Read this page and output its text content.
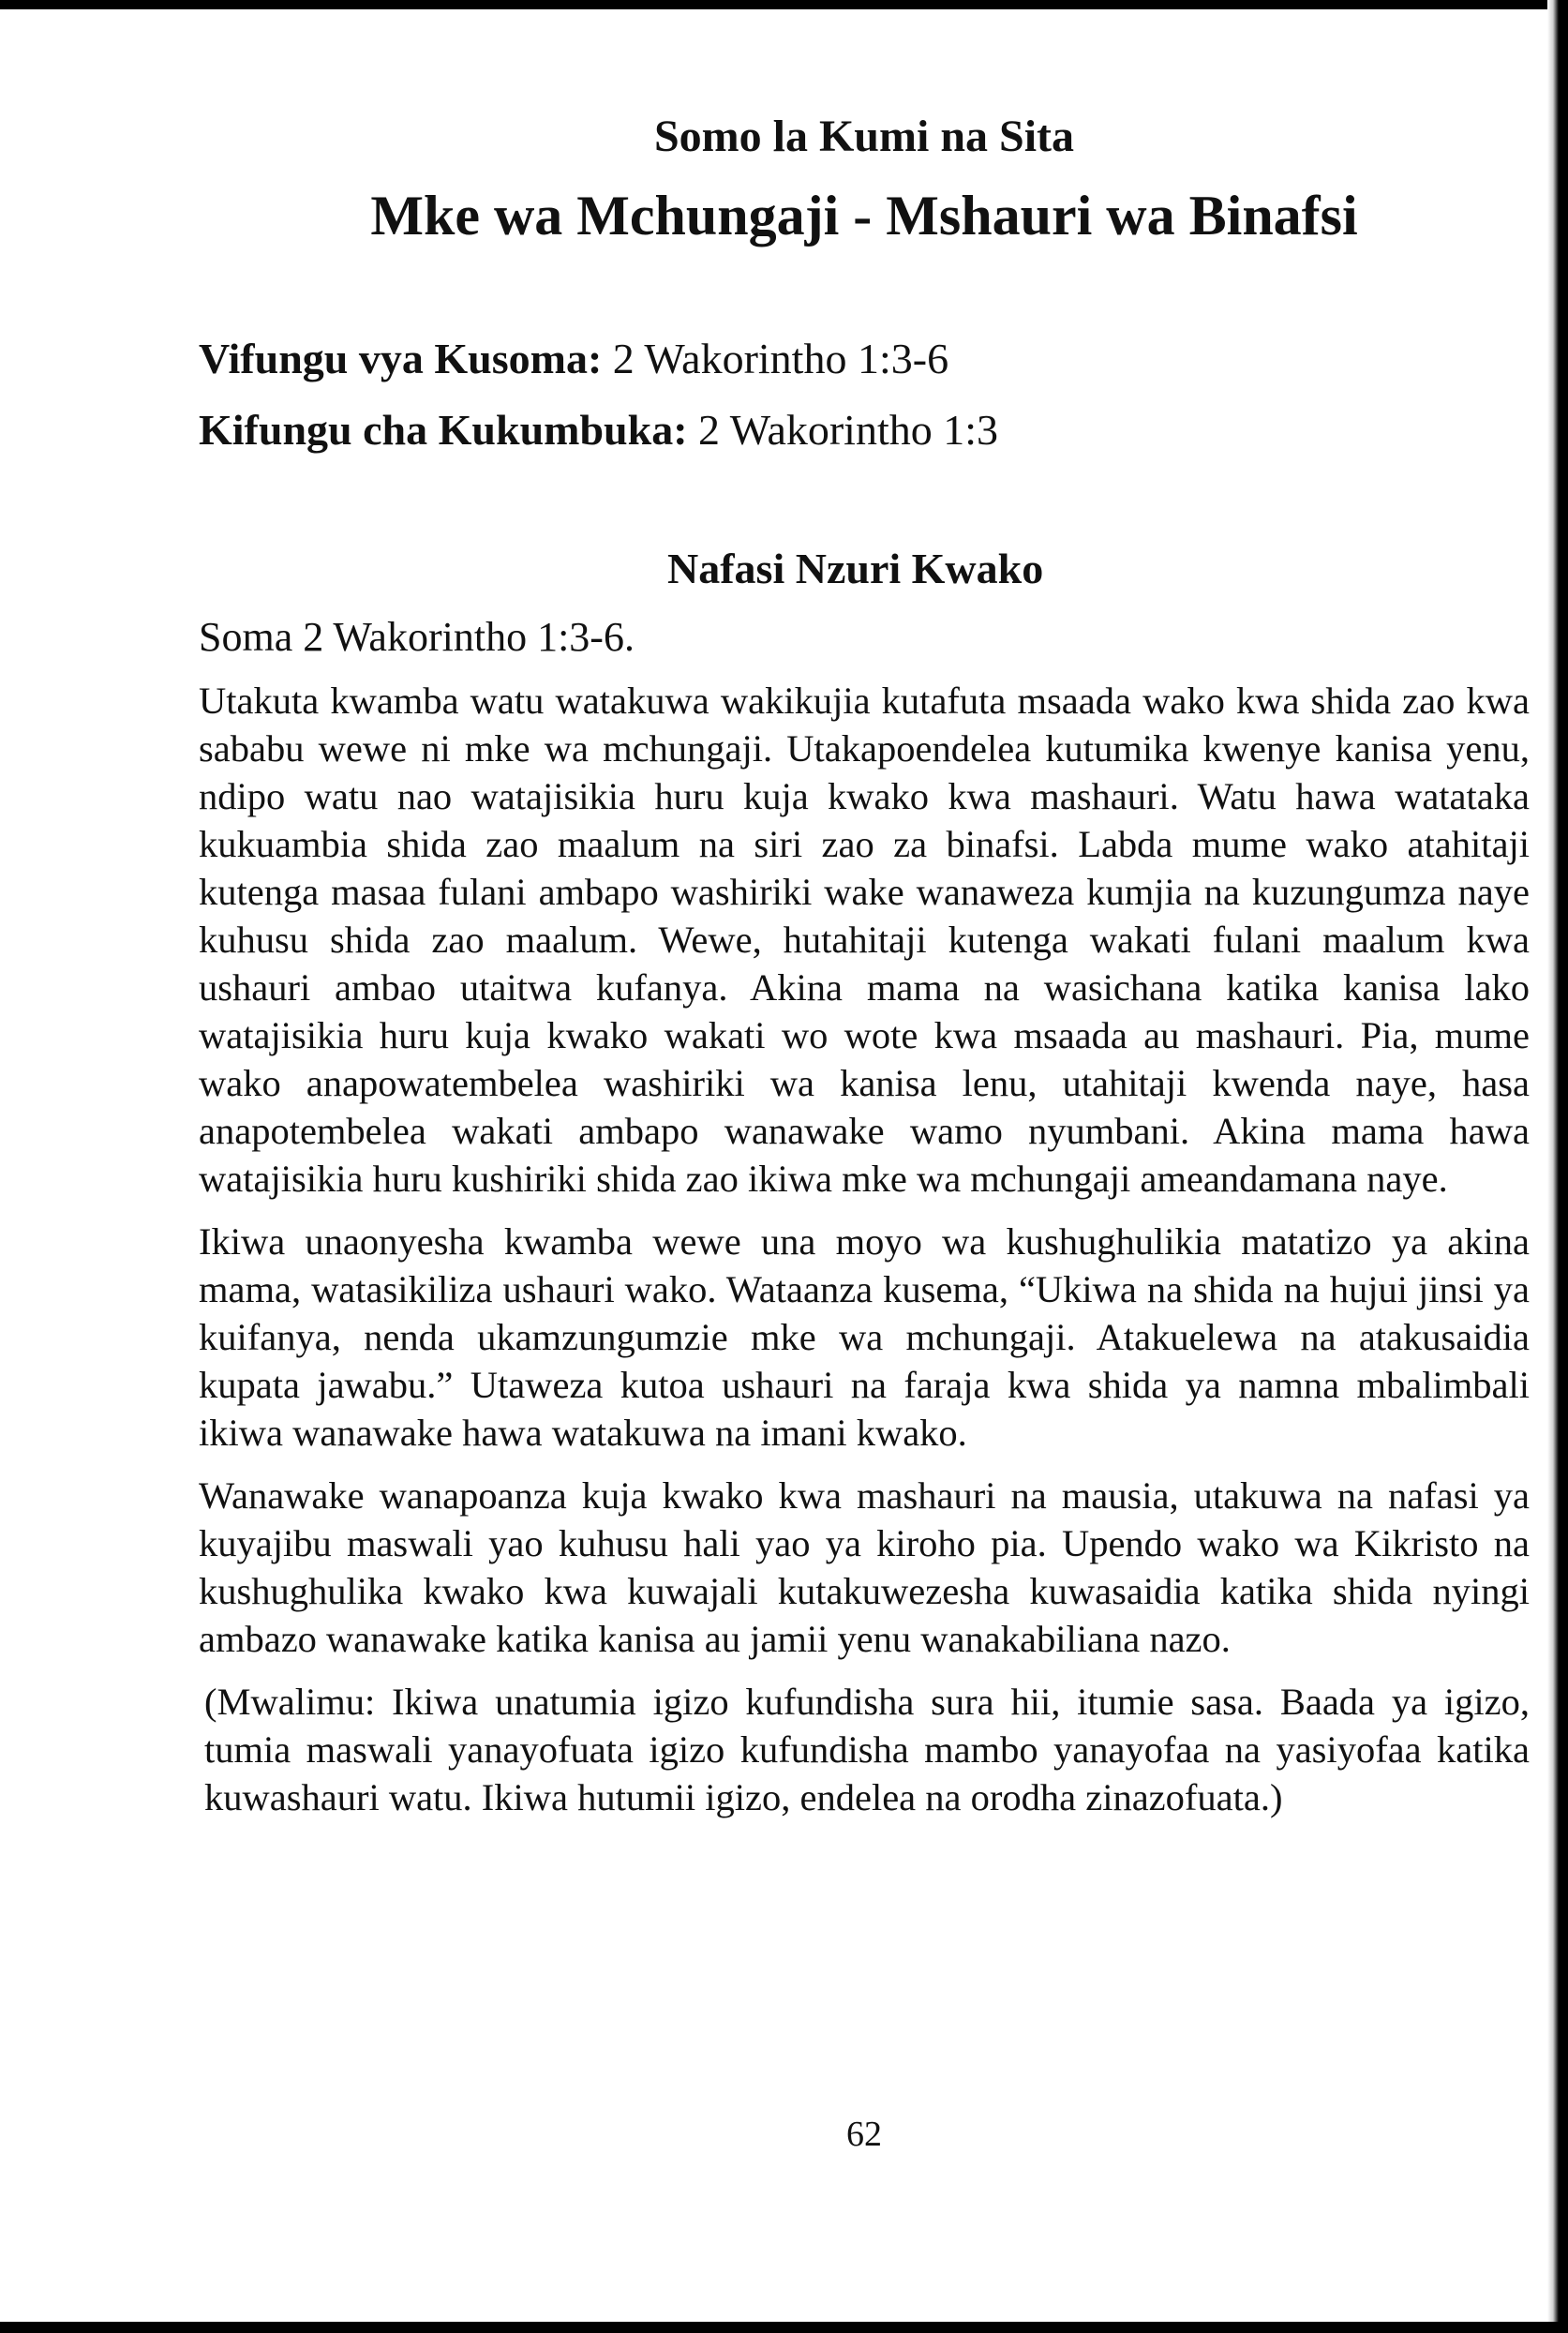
Somo la Kumi na Sita
Mke wa Mchungaji - Mshauri wa Binafsi
Vifungu vya Kusoma: 2 Wakorintho 1:3-6
Kifungu cha Kukumbuka: 2 Wakorintho 1:3
Nafasi Nzuri Kwako
Soma 2 Wakorintho 1:3-6.

Utakuta kwamba watu watakuwa wakikujia kutafuta msaada wako kwa shida zao kwa sababu wewe ni mke wa mchungaji. Utakapoendelea kutumika kwenye kanisa yenu, ndipo watu nao watajisikia huru kuja kwako kwa mashauri. Watu hawa watataka kukuambia shida zao maalum na siri zao za binafsi. Labda mume wako atahitaji kutenga masaa fulani ambapo washiriki wake wanaweza kumjia na kuzungumza naye kuhusu shida zao maalum. Wewe, hutahitaji kutenga wakati fulani maalum kwa ushauri ambao utaitwa kufanya. Akina mama na wasichana katika kanisa lako watajisikia huru kuja kwako wakati wo wote kwa msaada au mashauri. Pia, mume wako anapowatembelea washiriki wa kanisa lenu, utahitaji kwenda naye, hasa anapotembelea wakati ambapo wanawake wamo nyumbani. Akina mama hawa watajisikia huru kushiriki shida zao ikiwa mke wa mchungaji ameandamana naye.

Ikiwa unaonyesha kwamba wewe una moyo wa kushughulikia matatizo ya akina mama, watasikiliza ushauri wako. Wataanza kusema, “Ukiwa na shida na hujui jinsi ya kuifanya, nenda ukamzungumzie mke wa mchungaji. Atakuelewa na atakusaidia kupata jawabu.” Utaweza kutoa ushauri na faraja kwa shida ya namna mbalimbali ikiwa wanawake hawa watakuwa na imani kwako.

Wanawake wanapoanza kuja kwako kwa mashauri na mausia, utakuwa na nafasi ya kuyajibu maswali yao kuhusu hali yao ya kiroho pia. Upendo wako wa Kikristo na kushughulika kwako kwa kuwajali kutakuwezesha kuwasaidia katika shida nyingi ambazo wanawake katika kanisa au jamii yenu wanakabiliana nazo.

(Mwalimu: Ikiwa unatumia igizo kufundisha sura hii, itumie sasa. Baada ya igizo, tumia maswali yanayofuata igizo kufundisha mambo yanayofaa na yasiyofaa katika kuwashauri watu. Ikiwa hutumii igizo, endelea na orodha zinazofuata.)

62
